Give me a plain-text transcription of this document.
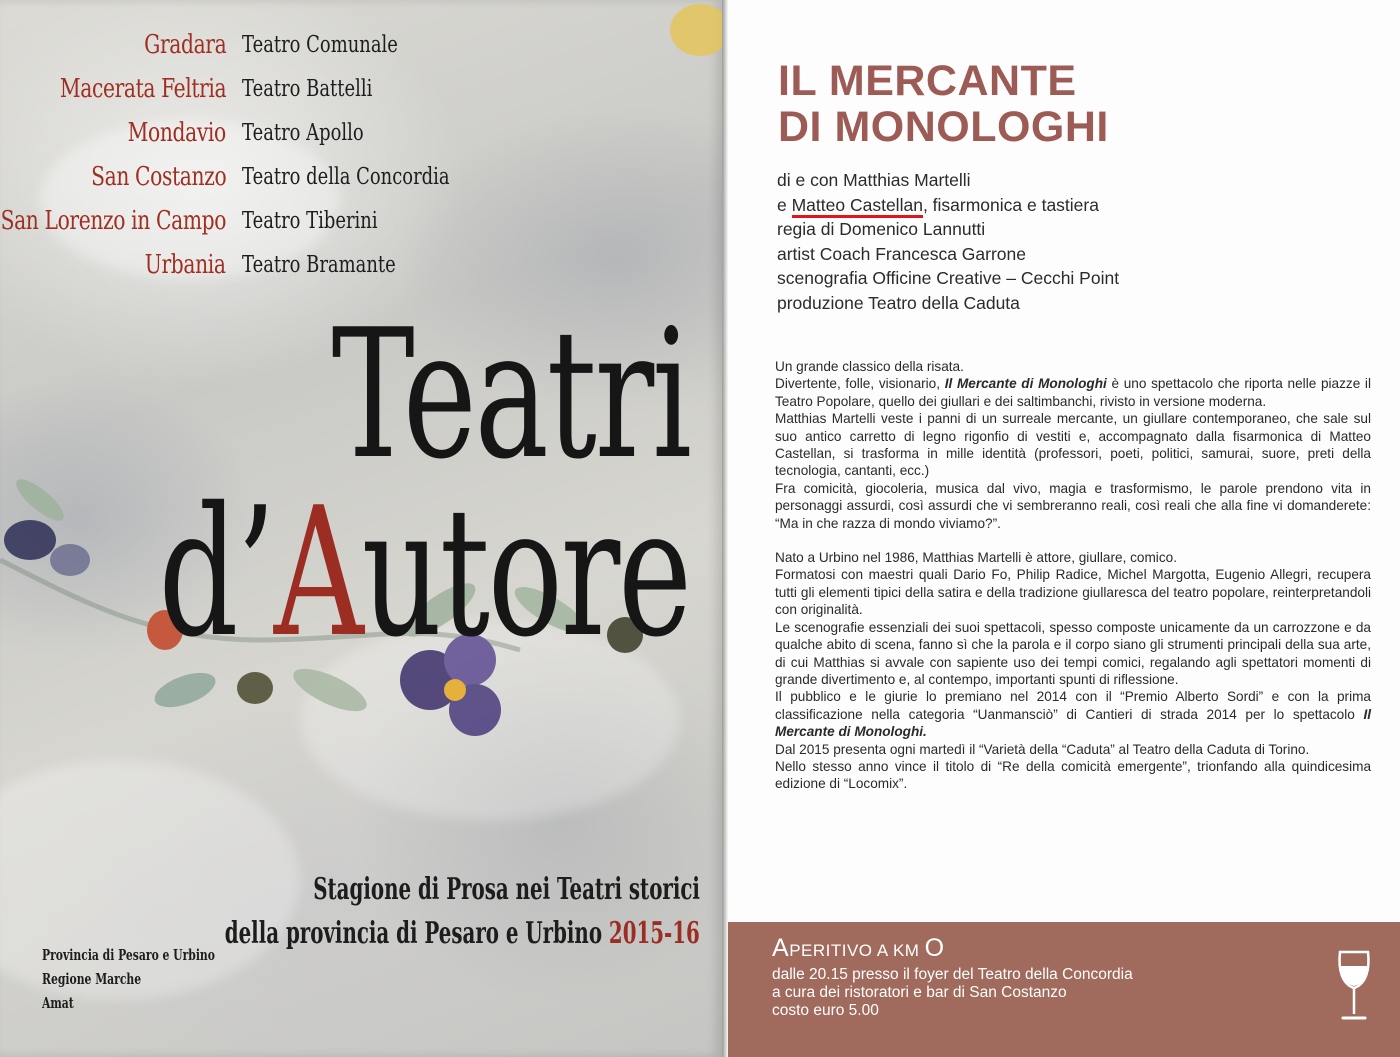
Gradara Teatro Comunale
Macerata Feltria Teatro Battelli
Mondavio Teatro Apollo
San Costanzo Teatro della Concordia
San Lorenzo in Campo Teatro Tiberini
Urbania Teatro Bramante
Teatri
d’Autore
Stagione di Prosa nei Teatri storici
della provincia di Pesaro e Urbino 2015-16
Provincia di Pesaro e Urbino
Regione Marche
Amat
IL MERCANTE
DI MONOLOGHI
di e con Matthias Martelli
e Matteo Castellan, fisarmonica e tastiera
regia di Domenico Lannutti
artist Coach Francesca Garrone
scenografia Officine Creative – Cecchi Point
produzione Teatro della Caduta

Un grande classico della risata.

Divertente, folle, visionario, Il Mercante di Monologhi è uno spettacolo che riporta nelle piazze il Teatro Popolare, quello dei giullari e dei saltimbanchi, rivisto in versione moderna.

Matthias Martelli veste i panni di un surreale mercante, un giullare contemporaneo, che sale sul suo antico carretto di legno rigonfio di vestiti e, accompagnato dalla fisarmonica di Matteo Castellan, si trasforma in mille identità (professori, poeti, politici, samurai, suore, preti della tecnologia, cantanti, ecc.)

Fra comicità, giocoleria, musica dal vivo, magia e trasformismo, le parole prendono vita in personaggi assurdi, così assurdi che vi sembreranno reali, così reali che alla fine vi domanderete: “Ma in che razza di mondo viviamo?”.

Nato a Urbino nel 1986, Matthias Martelli è attore, giullare, comico.

Formatosi con maestri quali Dario Fo, Philip Radice, Michel Margotta, Eugenio Allegri, recupera tutti gli elementi tipici della satira e della tradizione giullaresca del teatro popolare, reinterpretandoli con originalità.

Le scenografie essenziali dei suoi spettacoli, spesso composte unicamente da un carrozzone e da qualche abito di scena, fanno sì che la parola e il corpo siano gli strumenti principali della sua arte, di cui Matthias si avvale con sapiente uso dei tempi comici, regalando agli spettatori momenti di grande divertimento e, al contempo, importanti spunti di riflessione.

Il pubblico e le giurie lo premiano nel 2014 con il “Premio Alberto Sordi” e con la prima classificazione nella categoria “Uanmansciò” di Cantieri di strada 2014 per lo spettacolo Il Mercante di Monologhi.

Dal 2015 presenta ogni martedì il “Varietà della “Caduta” al Teatro della Caduta di Torino.

Nello stesso anno vince il titolo di “Re della comicità emergente”, trionfando alla quindicesima edizione di “Locomix”.

APERITIVO A KM O
dalle 20.15 presso il foyer del Teatro della Concordia
a cura dei ristoratori e bar di San Costanzo
costo euro 5.00
